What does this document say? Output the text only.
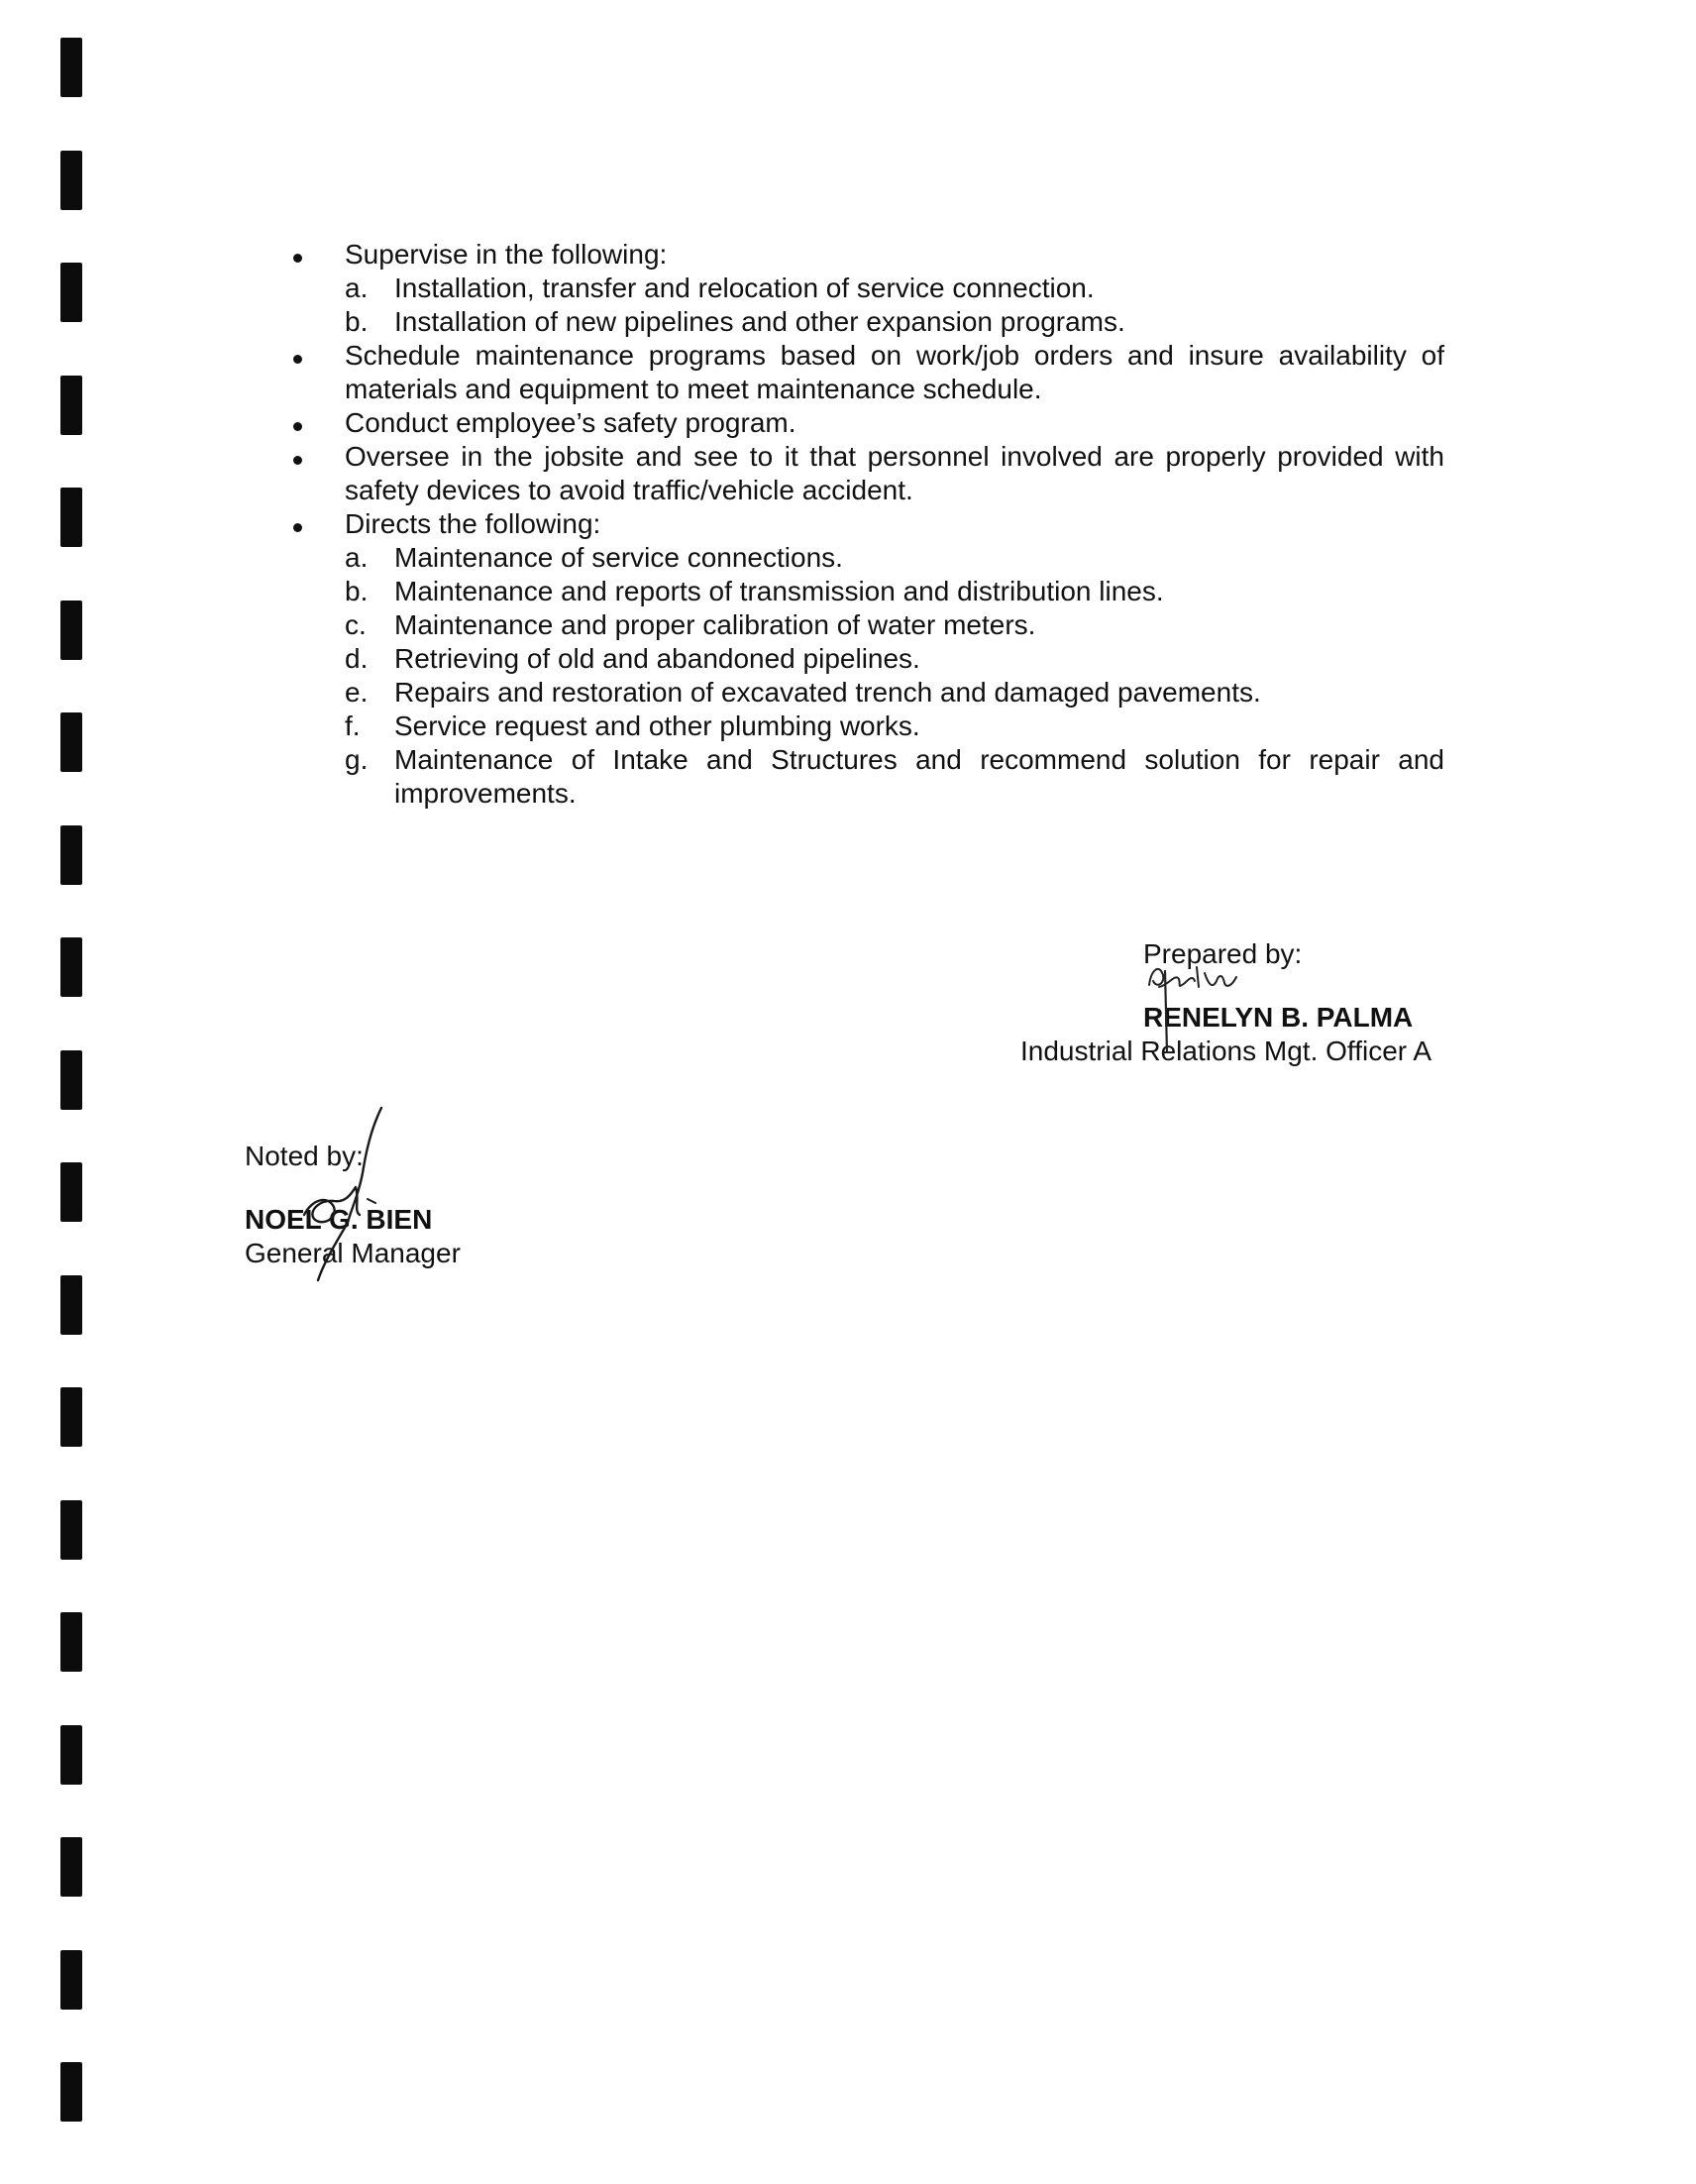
Supervise in the following:
a. Installation, transfer and relocation of service connection.
b. Installation of new pipelines and other expansion programs.
Schedule maintenance programs based on work/job orders and insure availability of materials and equipment to meet maintenance schedule.
Conduct employee’s safety program.
Oversee in the jobsite and see to it that personnel involved are properly provided with safety devices to avoid traffic/vehicle accident.
Directs the following:
a. Maintenance of service connections.
b. Maintenance and reports of transmission and distribution lines.
c. Maintenance and proper calibration of water meters.
d. Retrieving of old and abandoned pipelines.
e. Repairs and restoration of excavated trench and damaged pavements.
f. Service request and other plumbing works.
g. Maintenance of Intake and Structures and recommend solution for repair and improvements.
Prepared by:
RENELYN B. PALMA
Industrial Relations Mgt. Officer A
Noted by:
NOEL G. BIEN
General Manager
